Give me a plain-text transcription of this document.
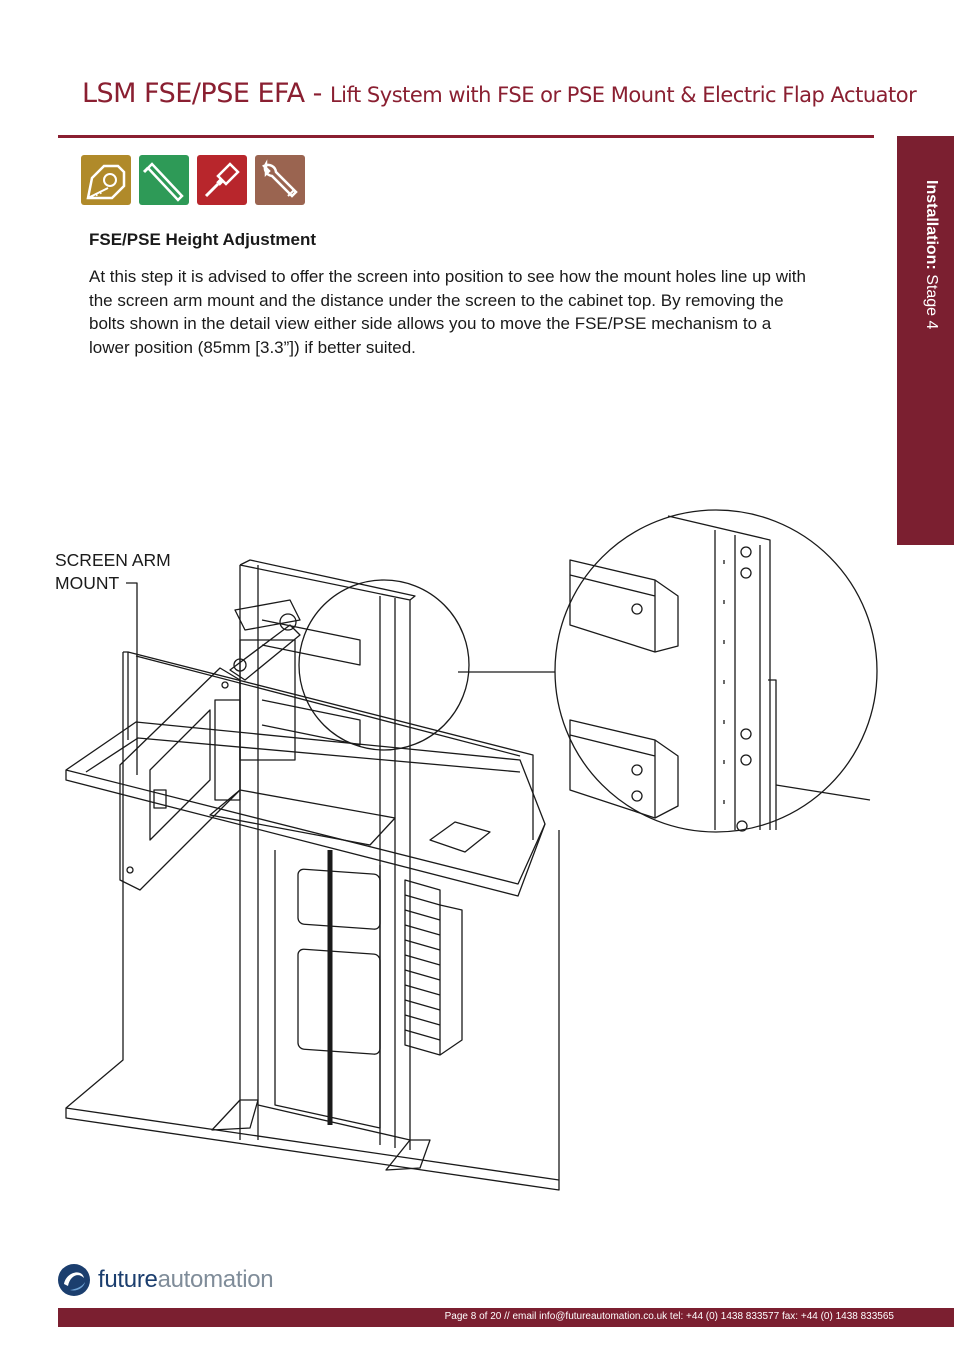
LSM FSE/PSE EFA - Lift System with FSE or PSE Mount & Electric Flap Actuator
Installation: Stage 4
FSE/PSE Height Adjustment

At this step it is advised to offer the screen into position to see how the mount holes line up with the screen arm mount and the distance under the screen to the cabinet top. By removing the bolts shown in the detail view either side allows you to move the FSE/PSE mechanism to a lower position (85mm [3.3”]) if better suited.

SCREEN ARM
MOUNT
futureautomation
Page 8 of 20 // email info@futureautomation.co.uk tel: +44 (0) 1438 833577 fax: +44 (0) 1438 833565
